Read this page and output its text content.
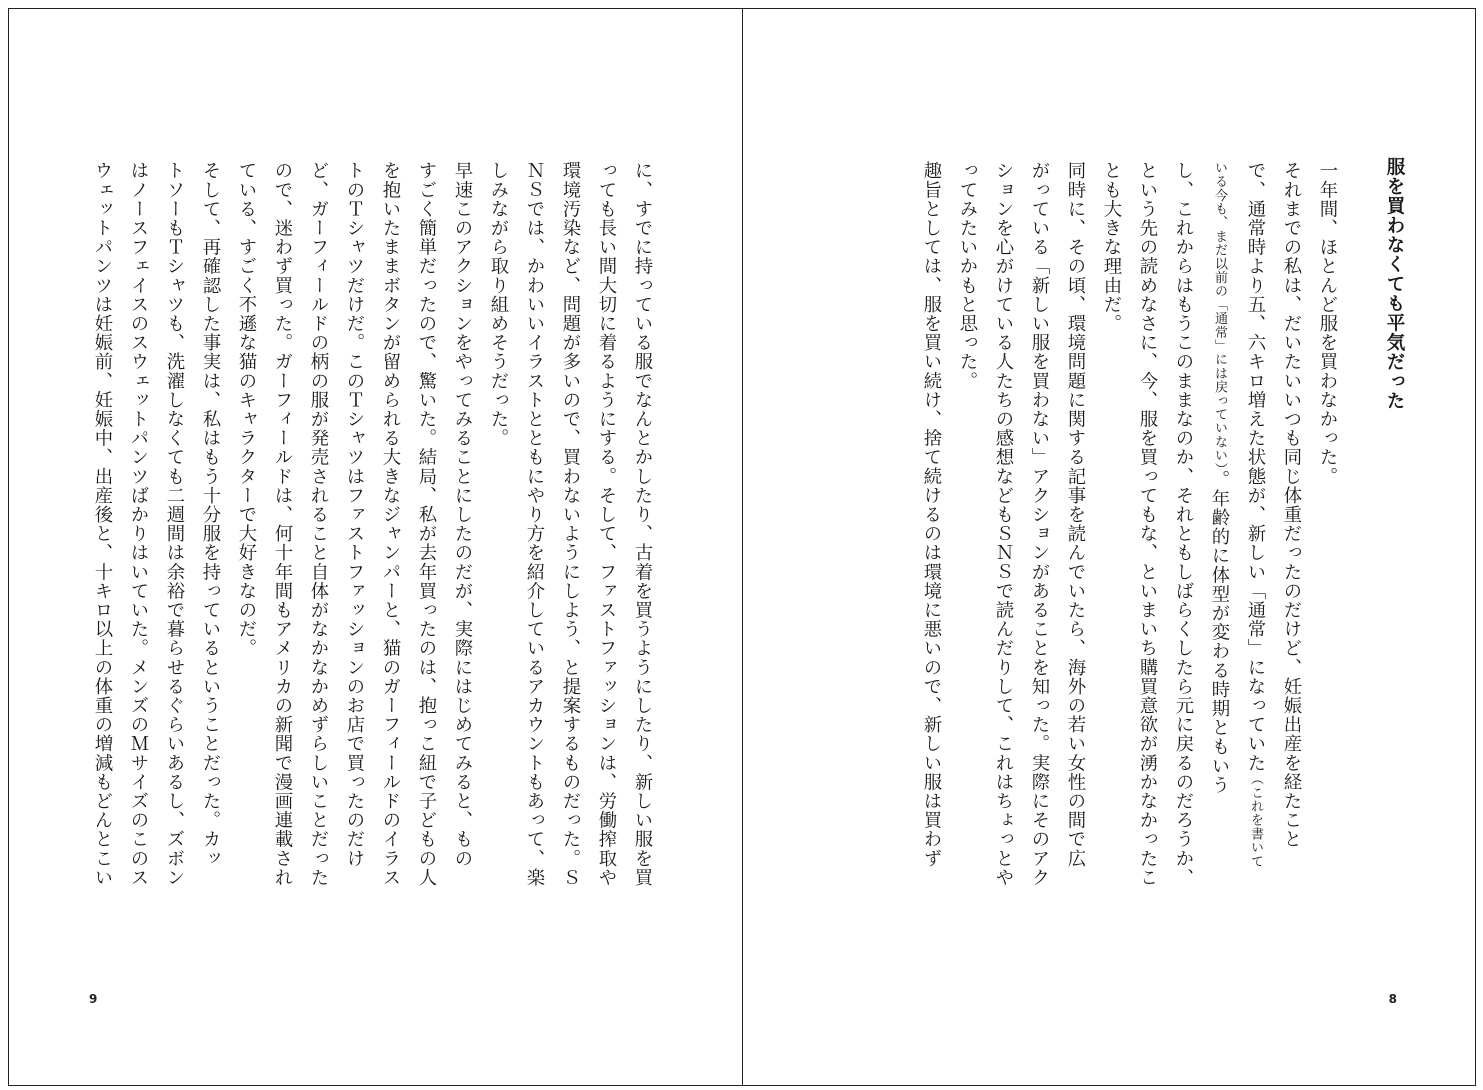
に、すでに持っている服でなんとかしたり、古着を買うようにしたり、新しい服を買
っても長い間大切に着るようにする。そして、ファストファッションは、労働搾取や
環境汚染など、問題が多いので、買わないようにしよう、と提案するものだった。Ｓ
ＮＳでは、かわいいイラストとともにやり方を紹介しているアカウントもあって、楽
しみながら取り組めそうだった。
早速このアクションをやってみることにしたのだが、実際にはじめてみると、もの
すごく簡単だったので、驚いた。結局、私が去年買ったのは、抱っこ紐で子どもの人
を抱いたままボタンが留められる大きなジャンパーと、猫のガーフィールドのイラス
トのＴシャツだけだ。このＴシャツはファストファッションのお店で買ったのだけ
ど、ガーフィールドの柄の服が発売されること自体がなかなかめずらしいことだった
ので、迷わず買った。ガーフィールドは、何十年間もアメリカの新聞で漫画連載され
ている、すごく不遜な猫のキャラクターで大好きなのだ。
そして、再確認した事実は、私はもう十分服を持っているということだった。カッ
トソーもＴシャツも、洗濯しなくても二週間は余裕で暮らせるぐらいあるし、ズボン
はノースフェイスのスウェットパンツばかりはいていた。メンズのＭサイズのこのス
ウェットパンツは妊娠前、妊娠中、出産後と、十キロ以上の体重の増減もどんとこい
9
服を買わなくても平気だった
一年間、ほとんど服を買わなかった。
それまでの私は、だいたいいつも同じ体重だったのだけど、妊娠出産を経たこと
で、通常時より五、六キロ増えた状態が、新しい「通常」になっていた（これを書いて
いる今も、まだ以前の「通常」には戻っていない）。年齢的に体型が変わる時期ともいう
し、これからはもうこのままなのか、それともしばらくしたら元に戻るのだろうか、
という先の読めなさに、今、服を買ってもな、といまいち購買意欲が湧かなかったこ
とも大きな理由だ。
同時に、その頃、環境問題に関する記事を読んでいたら、海外の若い女性の間で広
がっている「新しい服を買わない」アクションがあることを知った。実際にそのアク
ションを心がけている人たちの感想などもＳＮＳで読んだりして、これはちょっとや
ってみたいかもと思った。
趣旨としては、服を買い続け、捨て続けるのは環境に悪いので、新しい服は買わず
8
